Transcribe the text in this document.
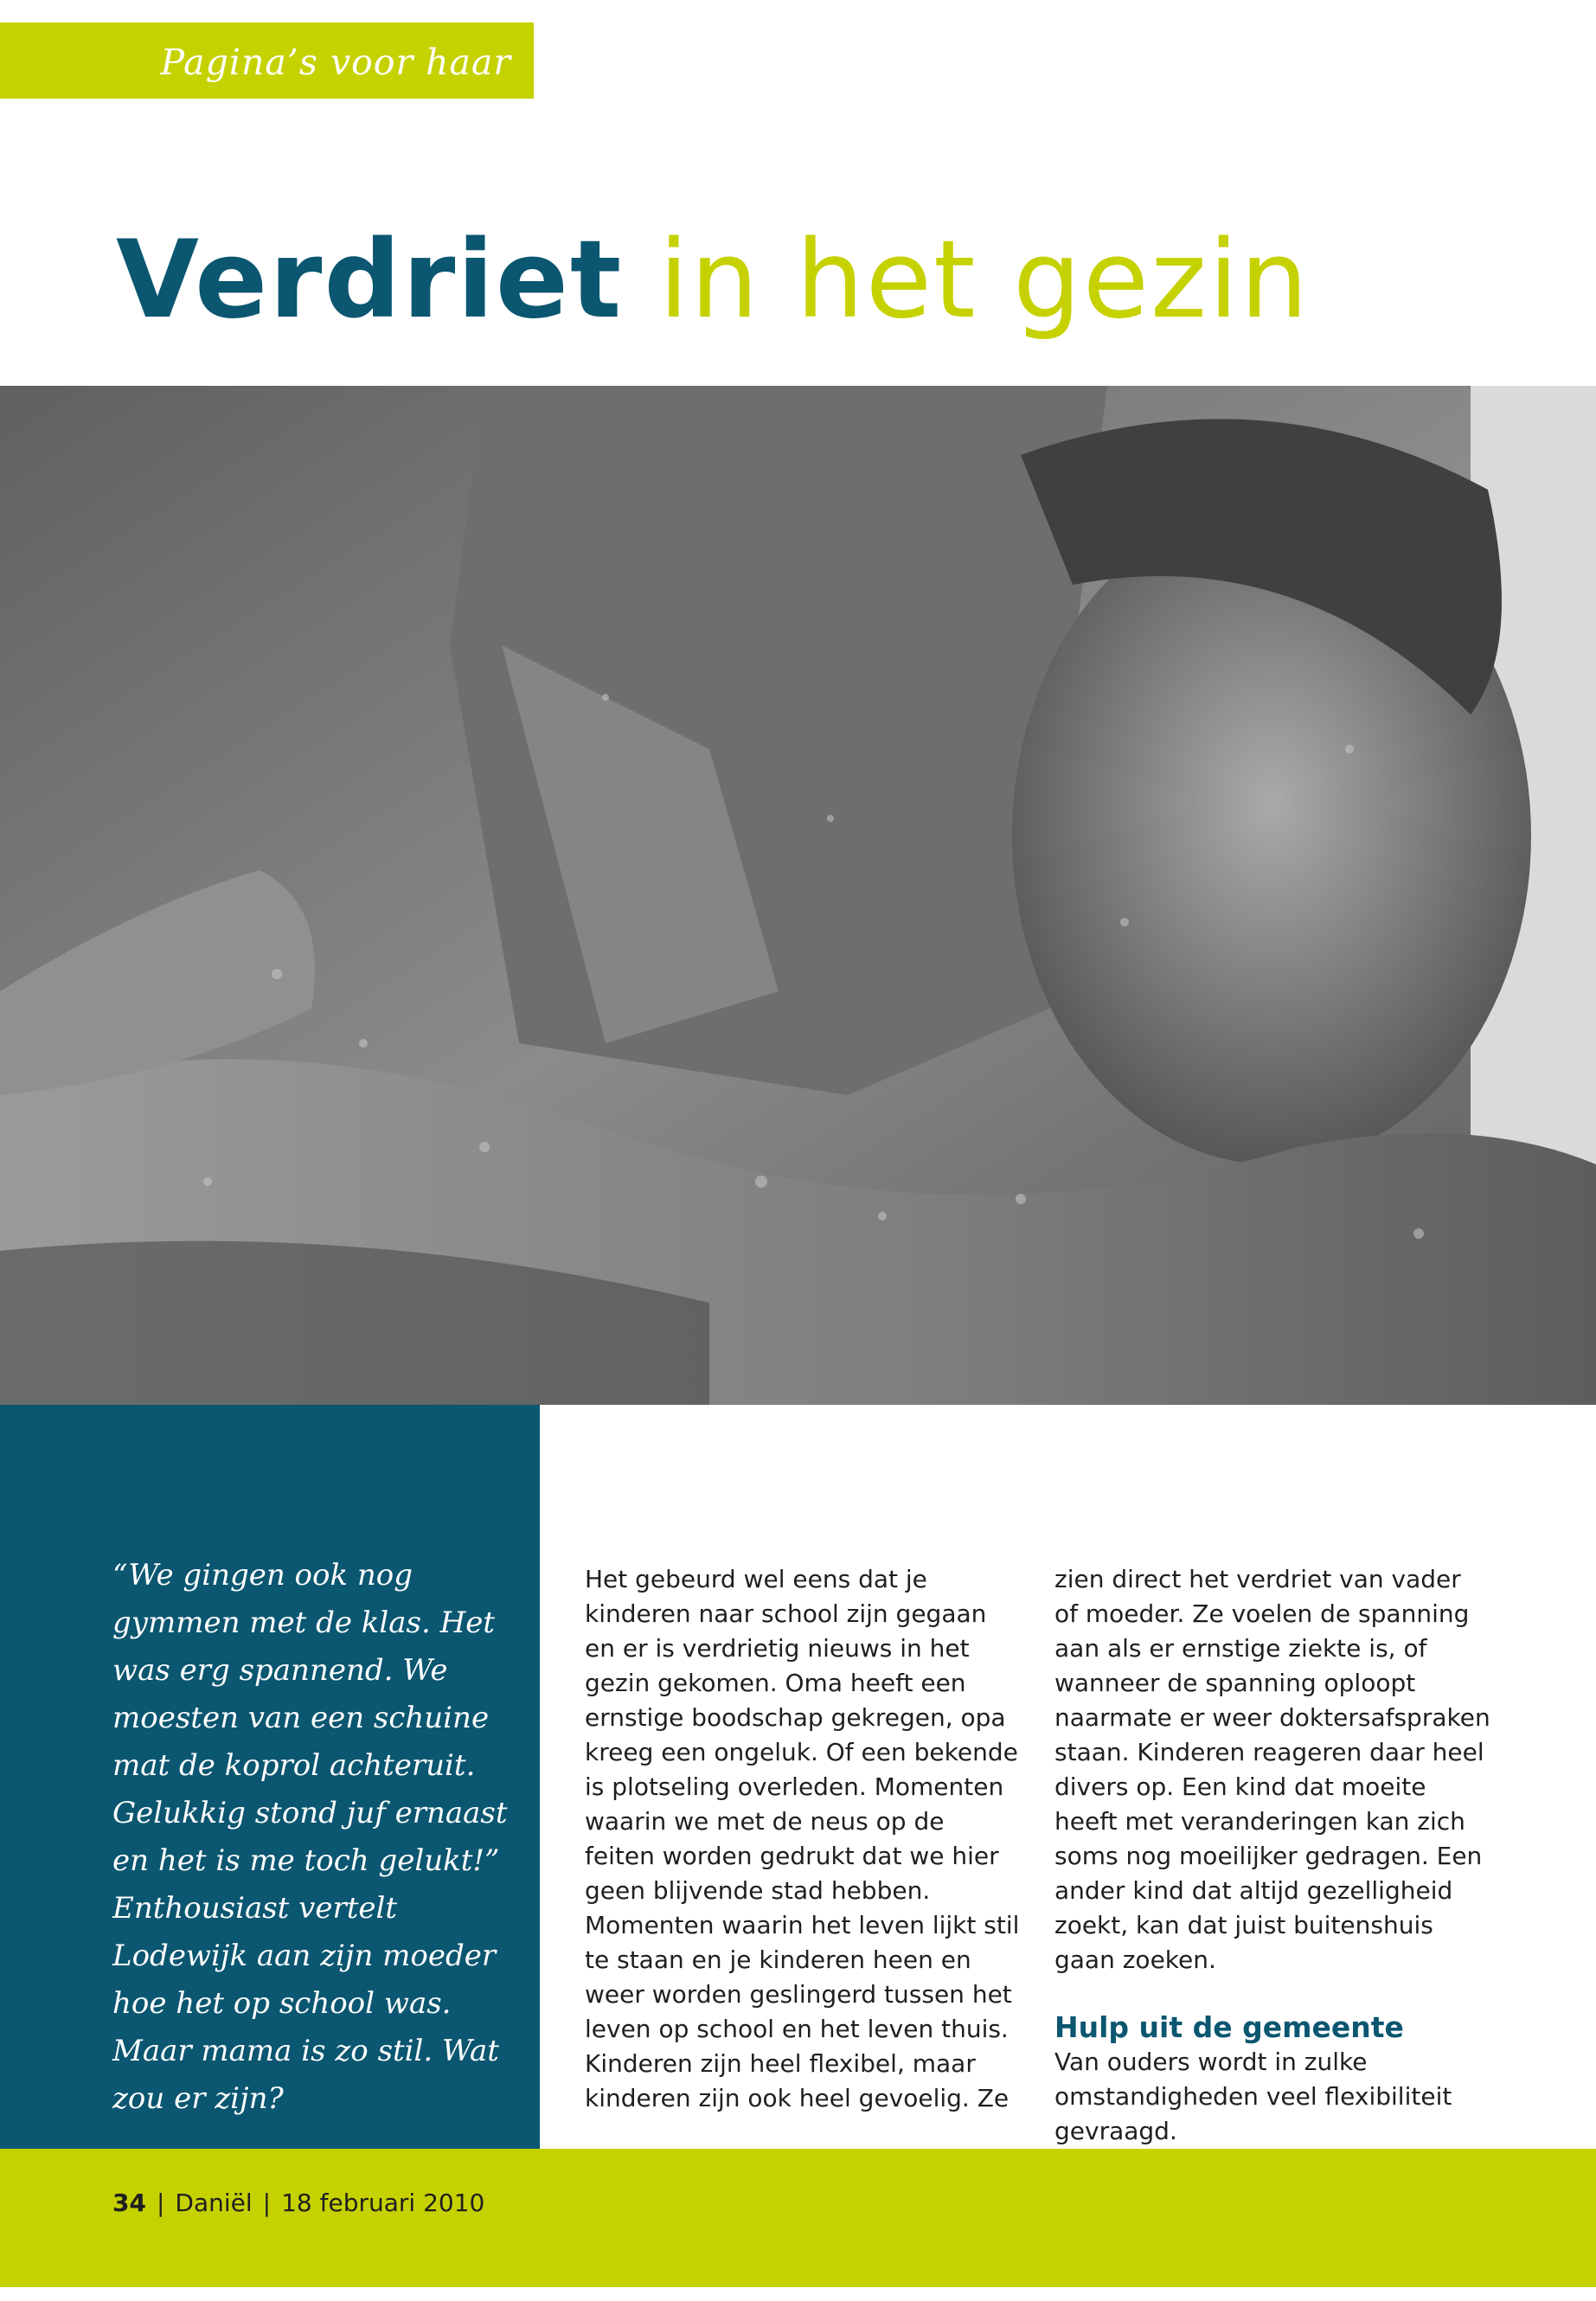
Pagina’s voor haar
Verdriet in het gezin

“We gingen ook nog gymmen met de klas. Het was erg spannend. We moesten van een schuine mat de koprol achteruit. Gelukkig stond juf ernaast en het is me toch gelukt!” Enthousiast vertelt Lodewijk aan zijn moeder hoe het op school was. Maar mama is zo stil. Wat zou er zijn?

Het gebeurd wel eens dat je kinderen naar school zijn gegaan en er is verdrietig nieuws in het gezin gekomen. Oma heeft een ernstige boodschap gekregen, opa kreeg een ongeluk. Of een bekende is plotseling overleden. Momenten waarin we met de neus op de feiten worden gedrukt dat we hier geen blijvende stad hebben. Momenten waarin het leven lijkt stil te staan en je kinderen heen en weer worden geslingerd tussen het leven op school en het leven thuis. Kinderen zijn heel flexibel, maar kinderen zijn ook heel gevoelig. Ze

zien direct het verdriet van vader of moeder. Ze voelen de spanning aan als er ernstige ziekte is, of wanneer de spanning oploopt naarmate er weer doktersafspraken staan. Kinderen reageren daar heel divers op. Een kind dat moeite heeft met veranderingen kan zich soms nog moeilijker gedragen. Een ander kind dat altijd gezelligheid zoekt, kan dat juist buitenshuis gaan zoeken.

Hulp uit de gemeente

Van ouders wordt in zulke omstandigheden veel flexibiliteit gevraagd.

34 | Daniël | 18 februari 2010
